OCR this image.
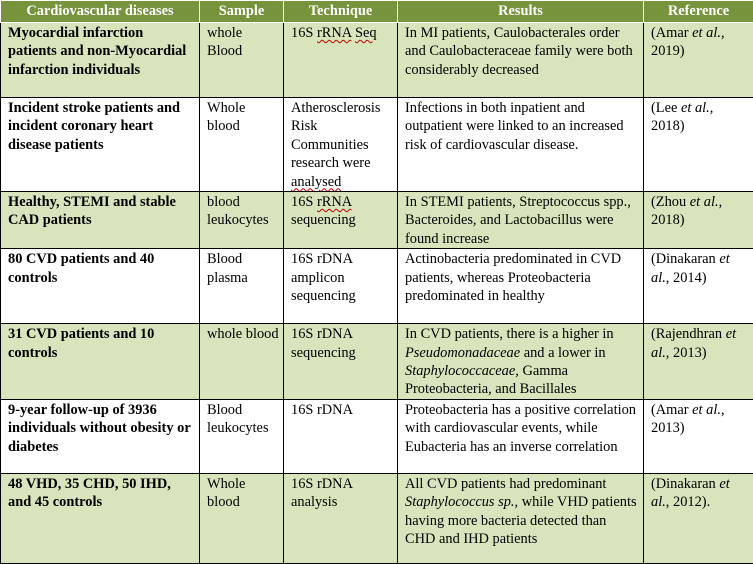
Cardiovascular diseases	Sample	Technique	Results	Reference
Myocardial infarction patients and non-Myocardial infarction individuals	whole Blood	16S rRNA Seq	In MI patients, Caulobacterales order and Caulobacteraceae family were both considerably decreased	(Amar et al., 2019)
Incident stroke patients and incident coronary heart disease patients	Whole blood	Atherosclerosis Risk Communities research were analysed	Infections in both inpatient and outpatient were linked to an increased risk of cardiovascular disease.	(Lee et al., 2018)
Healthy, STEMI and stable CAD patients	blood leukocytes	16S rRNA sequencing	In STEMI patients, Streptococcus spp., Bacteroides, and Lactobacillus were found increase	(Zhou et al., 2018)
80 CVD patients and 40 controls	Blood plasma	16S rDNA amplicon sequencing	Actinobacteria predominated in CVD patients, whereas Proteobacteria predominated in healthy	(Dinakaran et al., 2014)
31 CVD patients and 10 controls	whole blood	16S rDNA sequencing	In CVD patients, there is a higher in Pseudomonadaceae and a lower in Staphylococcaceae, Gamma Proteobacteria, and Bacillales	(Rajendhran et al., 2013)
9-year follow-up of 3936 individuals without obesity or diabetes	Blood leukocytes	16S rDNA	Proteobacteria has a positive correlation with cardiovascular events, while Eubacteria has an inverse correlation	(Amar et al., 2013)
48 VHD, 35 CHD, 50 IHD, and 45 controls	Whole blood	16S rDNA analysis	All CVD patients had predominant Staphylococcus sp., while VHD patients having more bacteria detected than CHD and IHD patients	(Dinakaran et al., 2012).
